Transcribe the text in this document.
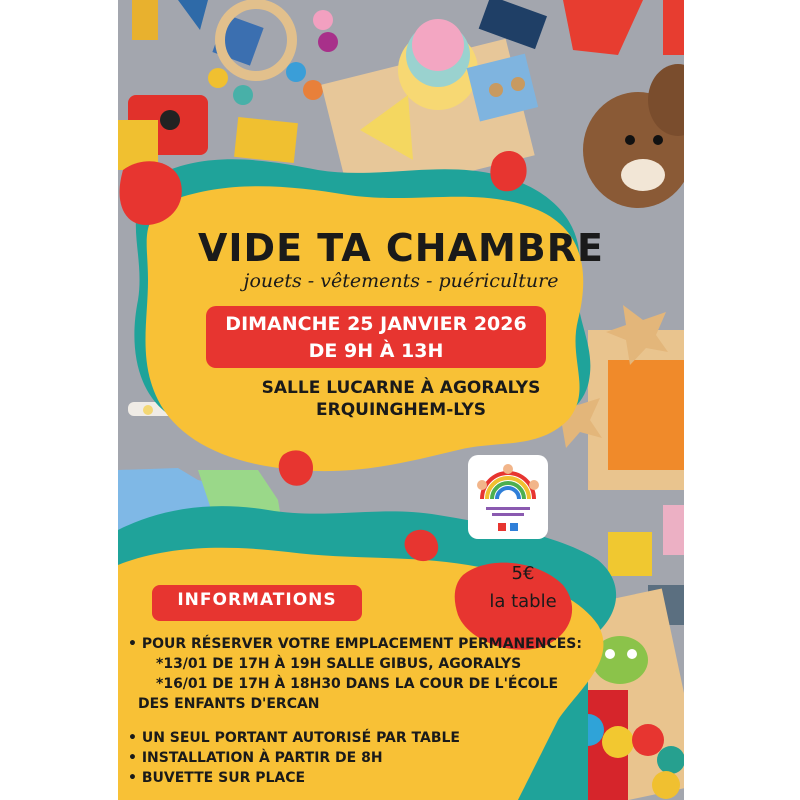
VIDE TA CHAMBRE
jouets - vêtements - puériculture
DIMANCHE 25 JANVIER 2026
DE 9H À 13H
SALLE LUCARNE À AGORALYS
ERQUINGHEM-LYS
5€
la table
INFORMATIONS
• POUR RÉSERVER VOTRE EMPLACEMENT PERMANENCES:
*13/01 DE 17H À 19H SALLE GIBUS, AGORALYS
*16/01 DE 17H À 18H30 DANS LA COUR DE L'ÉCOLE
DES ENFANTS D'ERCAN
• UN SEUL PORTANT AUTORISÉ PAR TABLE
• INSTALLATION À PARTIR DE 8H
• BUVETTE SUR PLACE
